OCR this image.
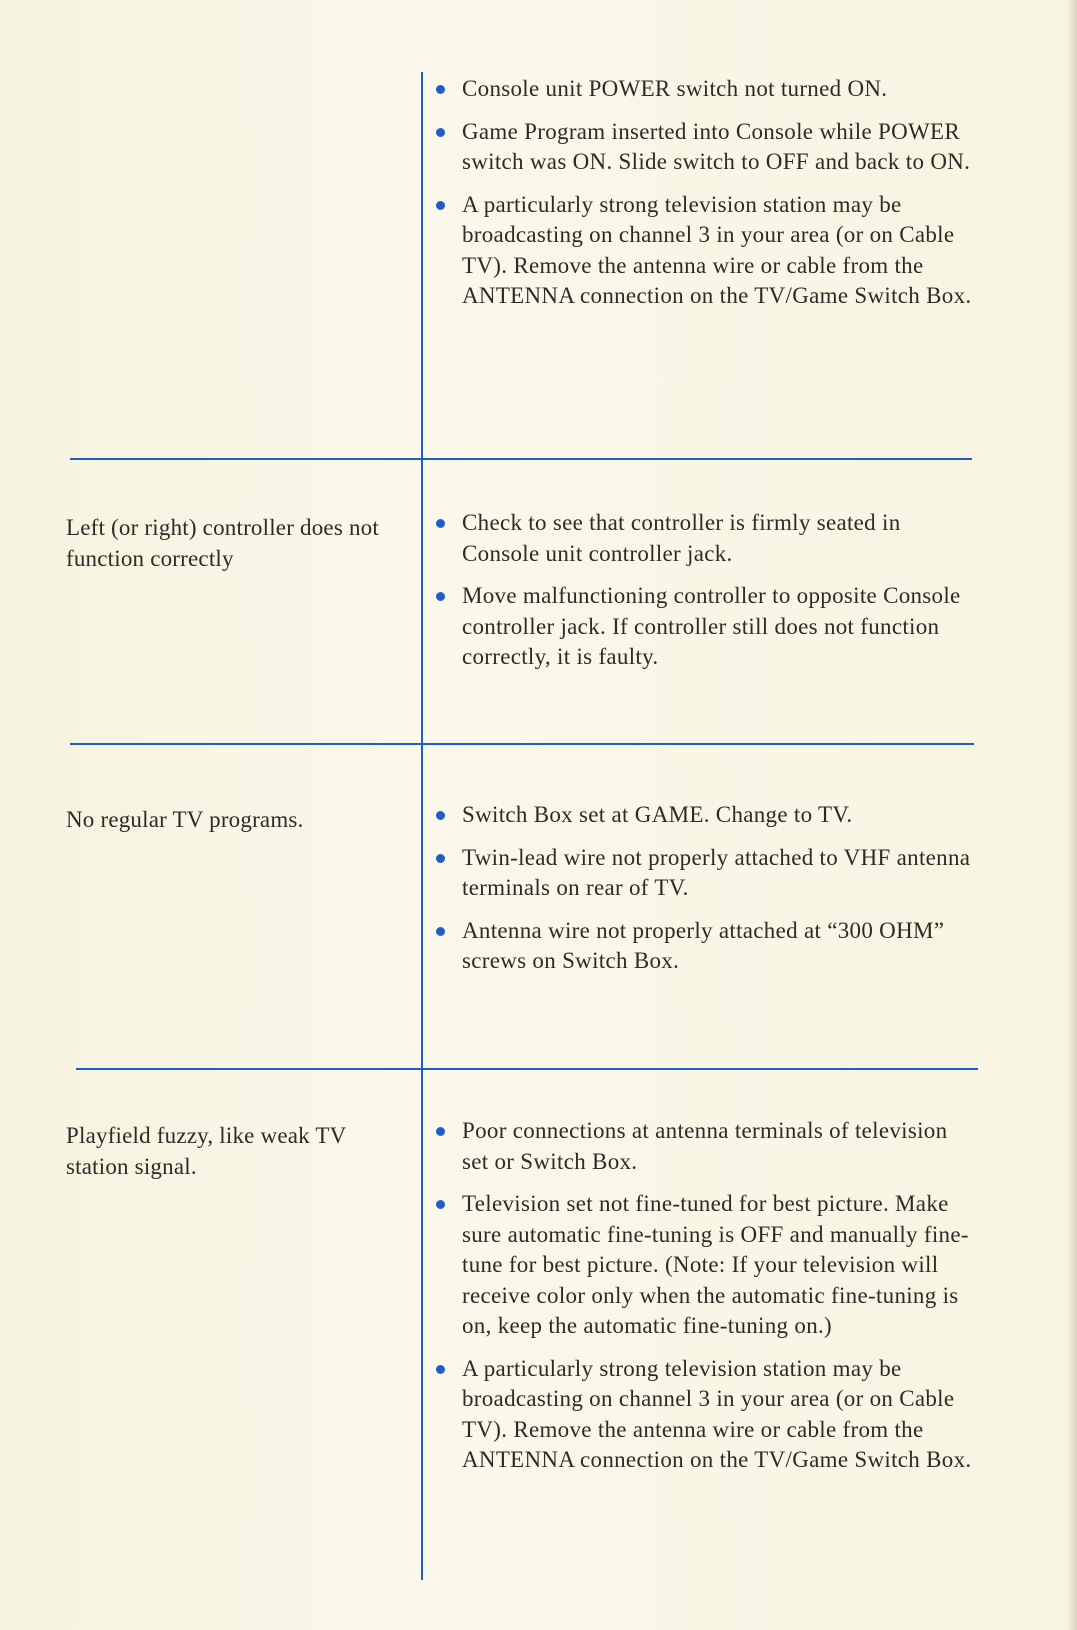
Console unit POWER switch not turned ON.
Game Program inserted into Console while POWER switch was ON. Slide switch to OFF and back to ON.
A particularly strong television station may be broadcasting on channel 3 in your area (or on Cable TV). Remove the antenna wire or cable from the ANTENNA connection on the TV/Game Switch Box.
Left (or right) controller does not function correctly
Check to see that controller is firmly seated in Console unit controller jack.
Move malfunctioning controller to opposite Console controller jack. If controller still does not function correctly, it is faulty.
No regular TV programs.	Switch Box set at GAME. Change to TV.
Twin-lead wire not properly attached to VHF antenna terminals on rear of TV.
Antenna wire not properly attached at “300 OHM” screws on Switch Box.
Playfield fuzzy, like weak TV station signal.
Poor connections at antenna terminals of television set or Switch Box.
Television set not fine-tuned for best picture. Make sure automatic fine-tuning is OFF and manually fine-tune for best picture. (Note: If your television will receive color only when the automatic fine-tuning is on, keep the automatic fine-tuning on.)
A particularly strong television station may be broadcasting on channel 3 in your area (or on Cable TV). Remove the antenna wire or cable from the ANTENNA connection on the TV/Game Switch Box.
